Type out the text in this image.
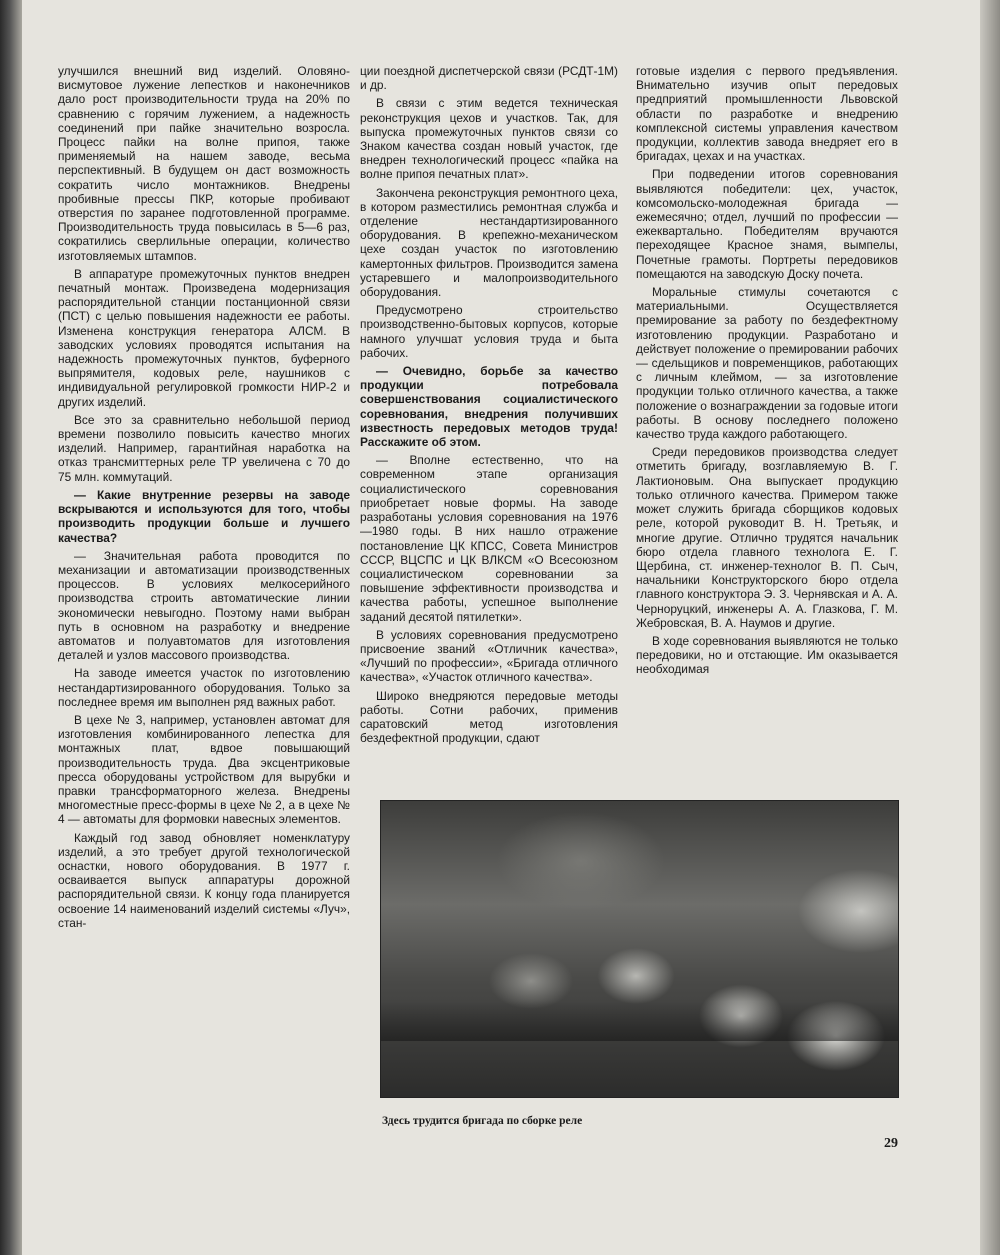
улучшился внешний вид изделий. Оловяно-висмутовое лужение лепестков и наконечников дало рост производительности труда на 20% по сравнению с горячим лужением, а надежность соединений при пайке значительно возросла. Процесс пайки на волне припоя, также применяемый на нашем заводе, весьма перспективный. В будущем он даст возможность сократить число монтажников. Внедрены пробивные прессы ПКР, которые пробивают отверстия по заранее подготовленной программе. Производительность труда повысилась в 5—6 раз, сократились сверлильные операции, количество изготовляемых штампов.

В аппаратуре промежуточных пунктов внедрен печатный монтаж. Произведена модернизация распорядительной станции постанционной связи (ПСТ) с целью повышения надежности ее работы. Изменена конструкция генератора АЛСМ. В заводских условиях проводятся испытания на надежность промежуточных пунктов, буферного выпрямителя, кодовых реле, наушников с индивидуальной регулировкой громкости НИР-2 и других изделий.

Все это за сравнительно небольшой период времени позволило повысить качество многих изделий. Например, гарантийная наработка на отказ трансмиттерных реле ТР увеличена с 70 до 75 млн. коммутаций.

— Какие внутренние резервы на заводе вскрываются и используются для того, чтобы производить продукции больше и лучшего качества?

— Значительная работа проводится по механизации и автоматизации производственных процессов. В условиях мелкосерийного производства строить автоматические линии экономически невыгодно. Поэтому нами выбран путь в основном на разработку и внедрение автоматов и полуавтоматов для изготовления деталей и узлов массового производства.

На заводе имеется участок по изготовлению нестандартизированного оборудования. Только за последнее время им выполнен ряд важных работ.

В цехе № 3, например, установлен автомат для изготовления комбинированного лепестка для монтажных плат, вдвое повышающий производительность труда. Два эксцентриковые пресса оборудованы устройством для вырубки и правки трансформаторного железа. Внедрены многоместные пресс-формы в цехе № 2, а в цехе № 4 — автоматы для формовки навесных элементов.

Каждый год завод обновляет номенклатуру изделий, а это требует другой технологической оснастки, нового оборудования. В 1977 г. осваивается выпуск аппаратуры дорожной распорядительной связи. К концу года планируется освоение 14 наименований изделий системы «Луч», стан-

ции поездной диспетчерской связи (РСДТ-1М) и др.

В связи с этим ведется техническая реконструкция цехов и участков. Так, для выпуска промежуточных пунктов связи со Знаком качества создан новый участок, где внедрен технологический процесс «пайка на волне припоя печатных плат».

Закончена реконструкция ремонтного цеха, в котором разместились ремонтная служба и отделение нестандартизированного оборудования. В крепежно-механическом цехе создан участок по изготовлению камертонных фильтров. Производится замена устаревшего и малопроизводительного оборудования.

Предусмотрено строительство производственно-бытовых корпусов, которые намного улучшат условия труда и быта рабочих.

— Очевидно, борьбе за качество продукции потребовала совершенствования социалистического соревнования, внедрения получивших известность передовых методов труда! Расскажите об этом.

— Вполне естественно, что на современном этапе организация социалистического соревнования приобретает новые формы. На заводе разработаны условия соревнования на 1976—1980 годы. В них нашло отражение постановление ЦК КПСС, Совета Министров СССР, ВЦСПС и ЦК ВЛКСМ «О Всесоюзном социалистическом соревновании за повышение эффективности производства и качества работы, успешное выполнение заданий десятой пятилетки».

В условиях соревнования предусмотрено присвоение званий «Отличник качества», «Лучший по профессии», «Бригада отличного качества», «Участок отличного качества».

Широко внедряются передовые методы работы. Сотни рабочих, применив саратовский метод изготовления бездефектной продукции, сдают

готовые изделия с первого предъявления. Внимательно изучив опыт передовых предприятий промышленности Львовской области по разработке и внедрению комплексной системы управления качеством продукции, коллектив завода внедряет его в бригадах, цехах и на участках.

При подведении итогов соревнования выявляются победители: цех, участок, комсомольско-молодежная бригада — ежемесячно; отдел, лучший по профессии — ежеквартально. Победителям вручаются переходящее Красное знамя, вымпелы, Почетные грамоты. Портреты передовиков помещаются на заводскую Доску почета.

Моральные стимулы сочетаются с материальными. Осуществляется премирование за работу по бездефектному изготовлению продукции. Разработано и действует положение о премировании рабочих — сдельщиков и повременщиков, работающих с личным клеймом, — за изготовление продукции только отличного качества, а также положение о вознаграждении за годовые итоги работы. В основу последнего положено качество труда каждого работающего.

Среди передовиков производства следует отметить бригаду, возглавляемую В. Г. Лактионовым. Она выпускает продукцию только отличного качества. Примером также может служить бригада сборщиков кодовых реле, которой руководит В. Н. Третьяк, и многие другие. Отлично трудятся начальник бюро отдела главного технолога Е. Г. Щербина, ст. инженер-технолог В. П. Сыч, начальники Конструкторского бюро отдела главного конструктора Э. З. Чернявская и А. А. Черноруцкий, инженеры А. А. Глазкова, Г. М. Жебровская, В. А. Наумов и другие.

В ходе соревнования выявляются не только передовики, но и отстающие. Им оказывается необходимая

Здесь трудится бригада по сборке реле
29
